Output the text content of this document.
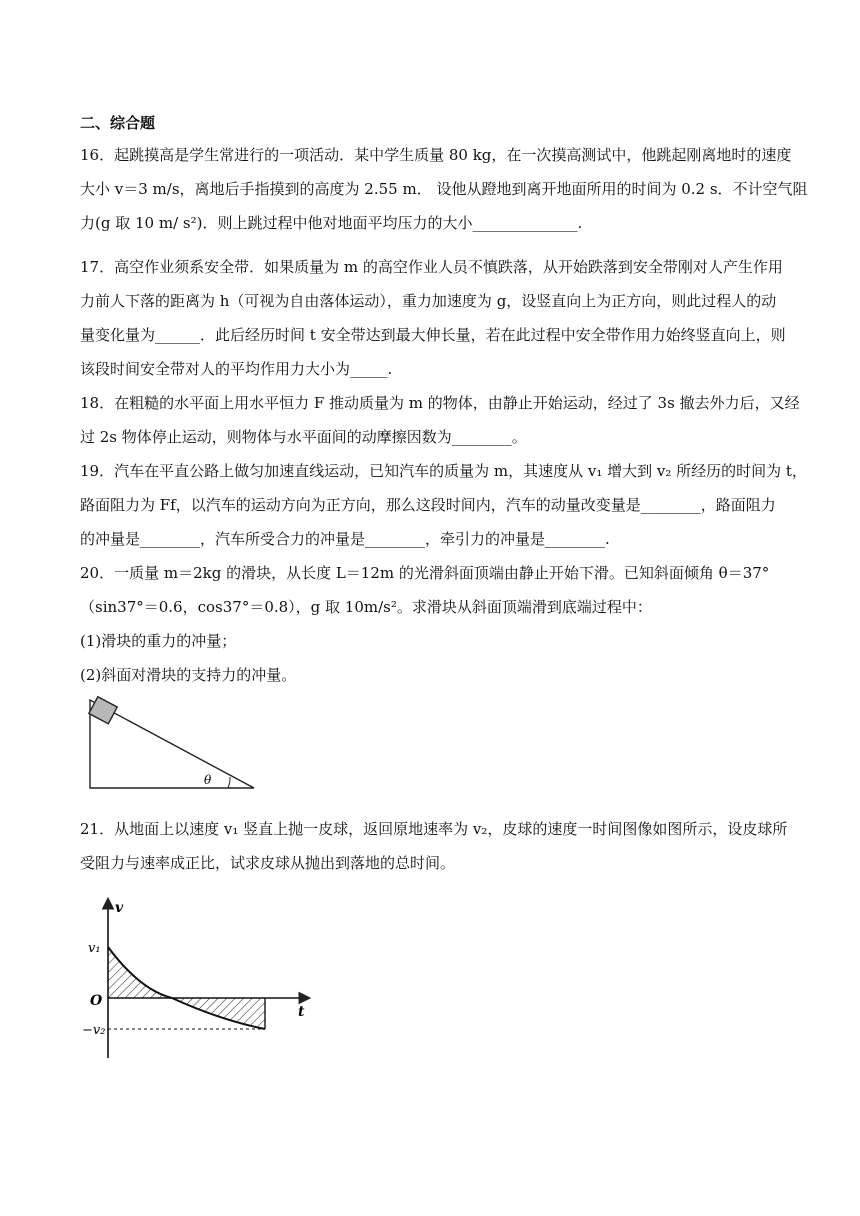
二、综合题
16．起跳摸高是学生常进行的一项活动．某中学生质量 80 kg，在一次摸高测试中，他跳起刚离地时的速度
大小 v＝3 m/s，离地后手指摸到的高度为 2.55 m． 设他从蹬地到离开地面所用的时间为 0.2 s．不计空气阻
力(g 取 10 m/ s²)．则上跳过程中他对地面平均压力的大小______________.
17．高空作业须系安全带．如果质量为 m 的高空作业人员不慎跌落，从开始跌落到安全带刚对人产生作用
力前人下落的距离为 h（可视为自由落体运动），重力加速度为 g，设竖直向上为正方向，则此过程人的动
量变化量为______．此后经历时间 t 安全带达到最大伸长量，若在此过程中安全带作用力始终竖直向上，则
该段时间安全带对人的平均作用力大小为_____.
18．在粗糙的水平面上用水平恒力 F 推动质量为 m 的物体，由静止开始运动，经过了 3s 撤去外力后，又经
过 2s 物体停止运动，则物体与水平面间的动摩擦因数为________。
19．汽车在平直公路上做匀加速直线运动，已知汽车的质量为 m，其速度从 v₁ 增大到 v₂ 所经历的时间为 t，
路面阻力为 Ff，以汽车的运动方向为正方向，那么这段时间内，汽车的动量改变量是________，路面阻力
的冲量是________，汽车所受合力的冲量是________，牵引力的冲量是________.
20．一质量 m＝2kg 的滑块，从长度 L＝12m 的光滑斜面顶端由静止开始下滑。已知斜面倾角 θ＝37°
（sin37°＝0.6，cos37°＝0.8），g 取 10m/s²。求滑块从斜面顶端滑到底端过程中：
(1)滑块的重力的冲量；
(2)斜面对滑块的支持力的冲量。
θ
21．从地面上以速度 v₁ 竖直上抛一皮球，返回原地速率为 v₂，皮球的速度一时间图像如图所示，设皮球所
受阻力与速率成正比，试求皮球从抛出到落地的总时间。
v
t
O
v₁
−v₂
